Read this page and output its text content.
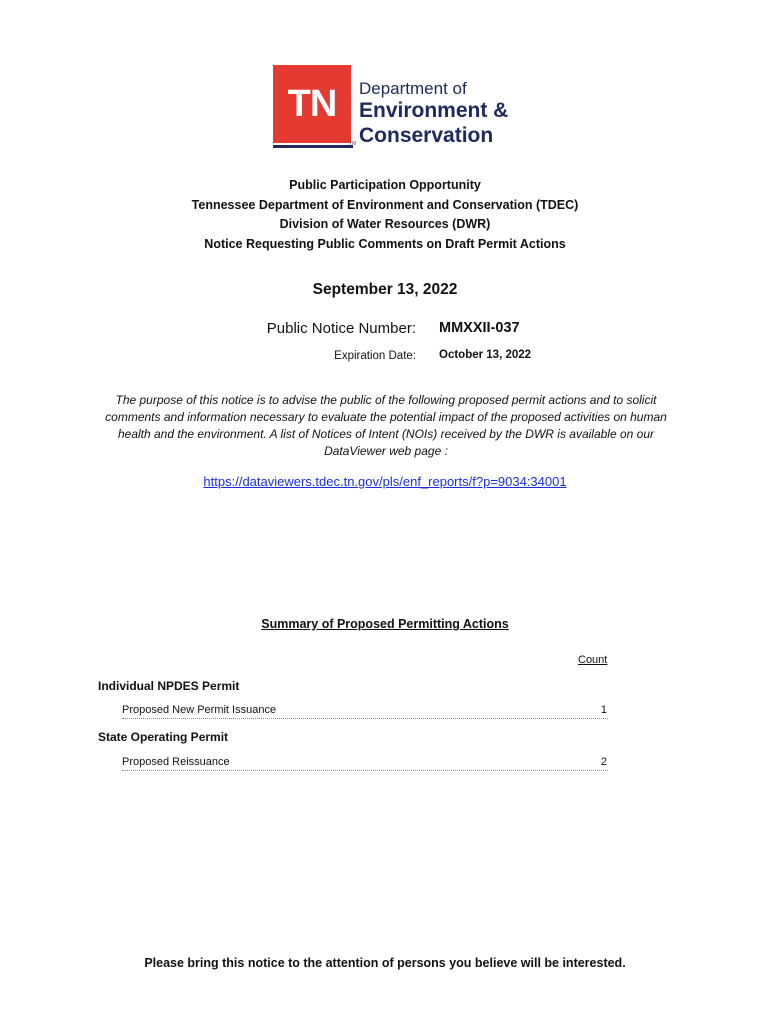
TN
TM
Department of
Environment &
Conservation
Public Participation Opportunity
Tennessee Department of Environment and Conservation (TDEC)
Division of Water Resources (DWR)
Notice Requesting Public Comments on Draft Permit Actions
September 13, 2022
Public Notice Number: MMXXII-037
Expiration Date: October 13, 2022
The purpose of this notice is to advise the public of the following proposed permit actions and to solicit comments and information necessary to evaluate the potential impact of the proposed activities on human health and the environment. A list of Notices of Intent (NOIs) received by the DWR is available on our DataViewer web page :
https://dataviewers.tdec.tn.gov/pls/enf_reports/f?p=9034:34001
Summary of Proposed Permitting Actions
Count
Individual NPDES Permit
Proposed New Permit Issuance	1
State Operating Permit
Proposed Reissuance	2
Please bring this notice to the attention of persons you believe will be interested.
